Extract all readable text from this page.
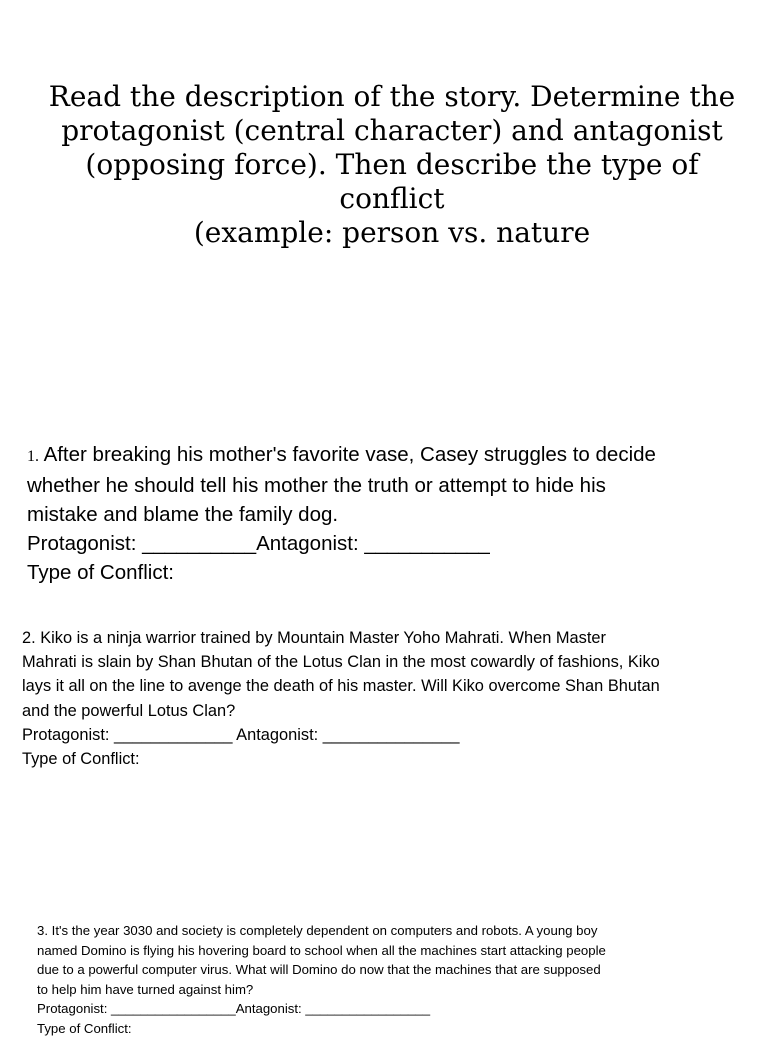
Read the description of the story. Determine the
protagonist (central character) and antagonist
(opposing force). Then describe the type of conflict
(example: person vs. nature

1. After breaking his mother's favorite vase, Casey struggles to decide
whether he should tell his mother the truth or attempt to hide his
mistake and blame the family dog.

Protagonist: __________Antagonist: ___________

Type of Conflict:

2. Kiko is a ninja warrior trained by Mountain Master Yoho Mahrati. When Master
Mahrati is slain by Shan Bhutan of the Lotus Clan in the most cowardly of fashions, Kiko
lays it all on the line to avenge the death of his master. Will Kiko overcome Shan Bhutan
and the powerful Lotus Clan?

Protagonist: _____________ Antagonist: _______________

Type of Conflict:

3. It's the year 3030 and society is completely dependent on computers and robots. A young boy
named Domino is flying his hovering board to school when all the machines start attacking people
due to a powerful computer virus. What will Domino do now that the machines that are supposed
to help him have turned against him?

Protagonist: _________________Antagonist: _________________

Type of Conflict:
